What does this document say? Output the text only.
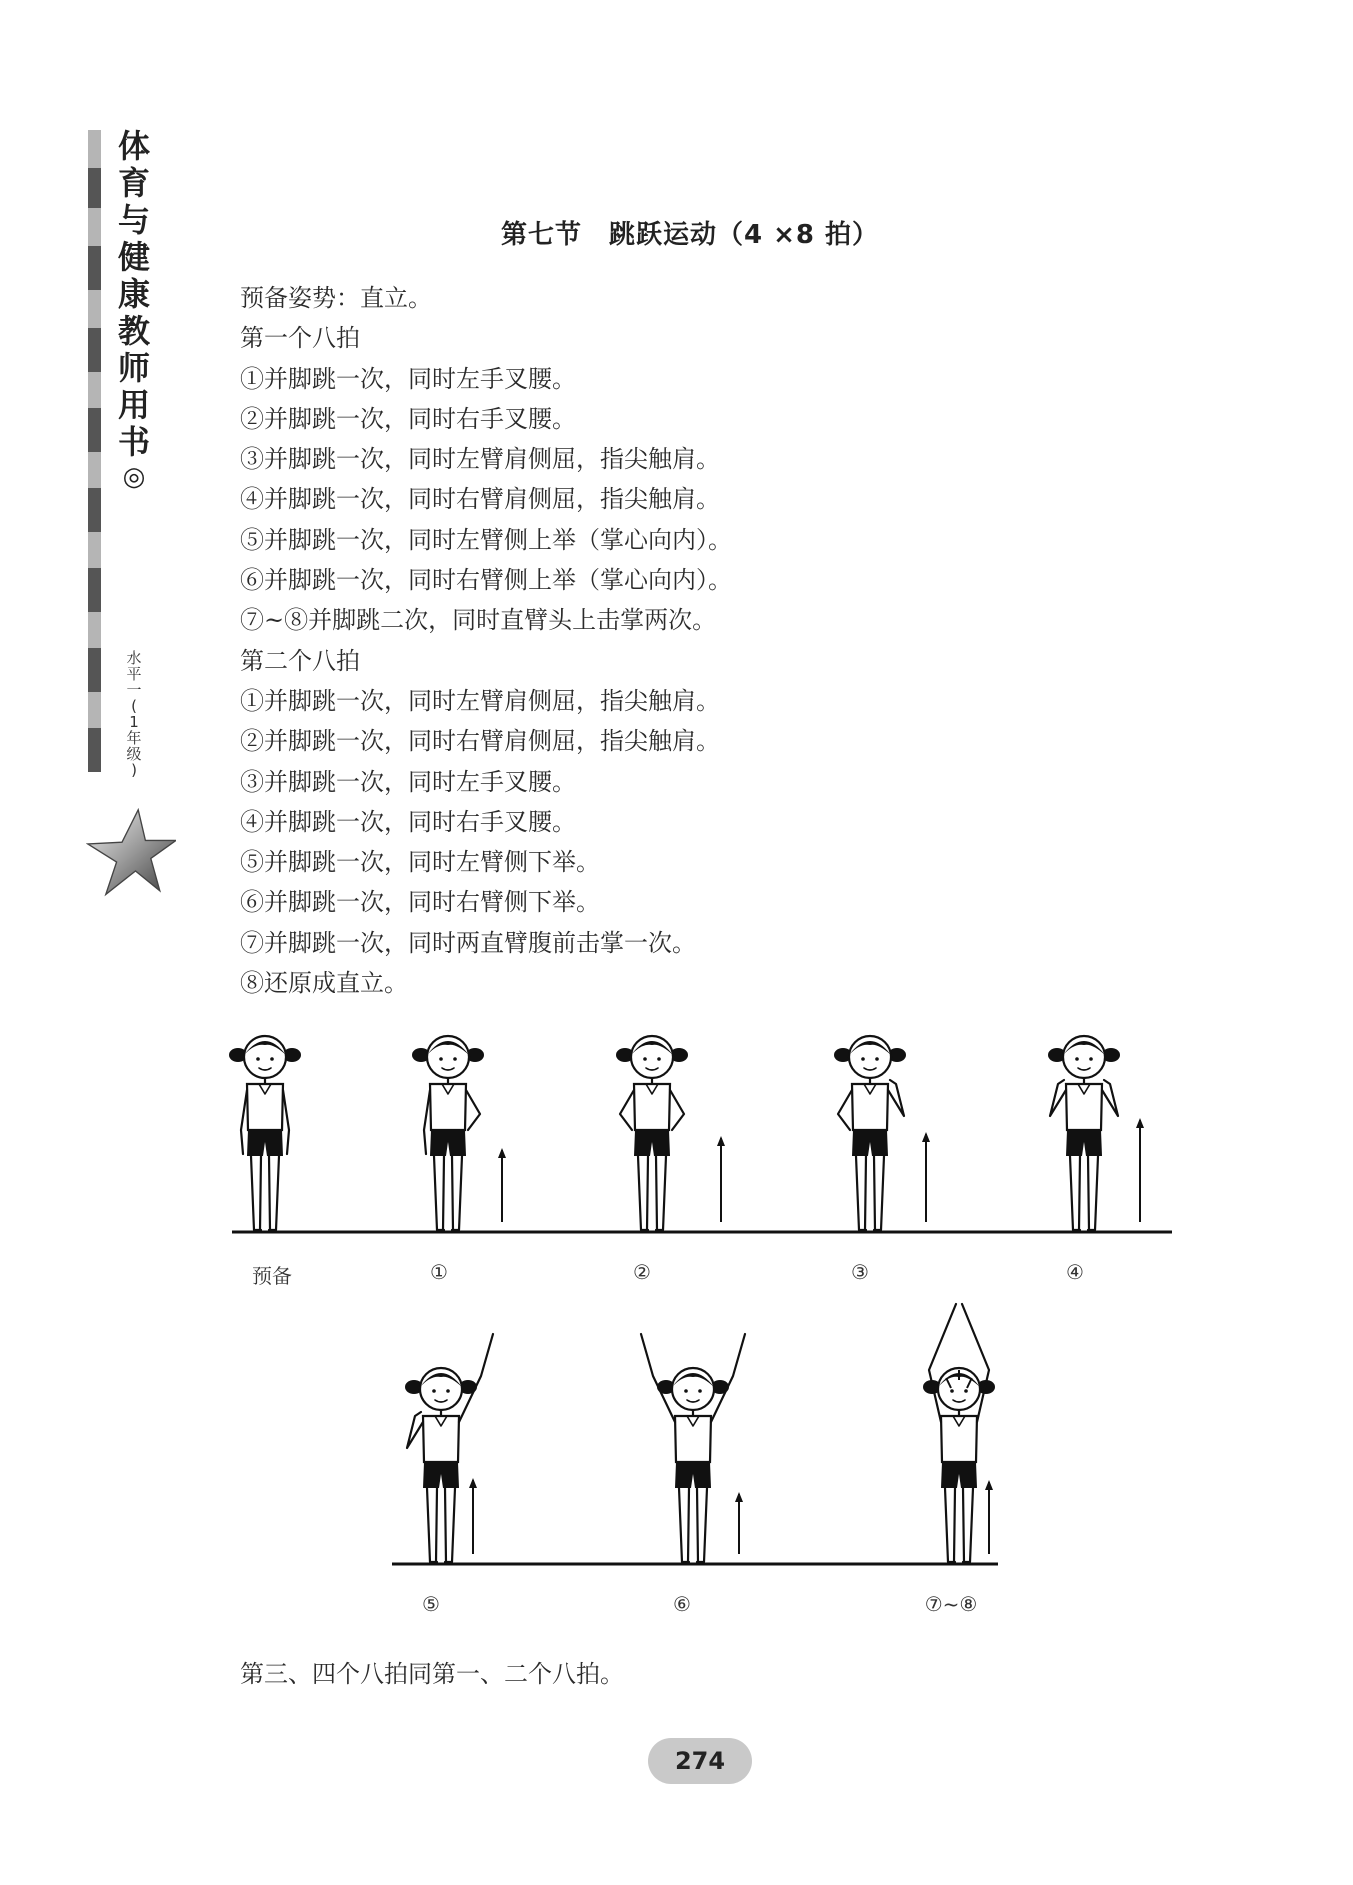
体
育
与
健
康
教
师
用
书
◎
水
平
一
(
1
年
级
)
第七节　跳跃运动（4 ×8 拍）
预备姿势：直立。
第一个八拍
①并脚跳一次，同时左手叉腰。
②并脚跳一次，同时右手叉腰。
③并脚跳一次，同时左臂肩侧屈，指尖触肩。
④并脚跳一次，同时右臂肩侧屈，指尖触肩。
⑤并脚跳一次，同时左臂侧上举（掌心向内）。
⑥并脚跳一次，同时右臂侧上举（掌心向内）。
⑦~⑧并脚跳二次，同时直臂头上击掌两次。
第二个八拍
①并脚跳一次，同时左臂肩侧屈，指尖触肩。
②并脚跳一次，同时右臂肩侧屈，指尖触肩。
③并脚跳一次，同时左手叉腰。
④并脚跳一次，同时右手叉腰。
⑤并脚跳一次，同时左臂侧下举。
⑥并脚跳一次，同时右臂侧下举。
⑦并脚跳一次，同时两直臂腹前击掌一次。
⑧还原成直立。
预备	①	②	③	④
⑤	⑥	⑦~⑧
第三、四个八拍同第一、二个八拍。
274
